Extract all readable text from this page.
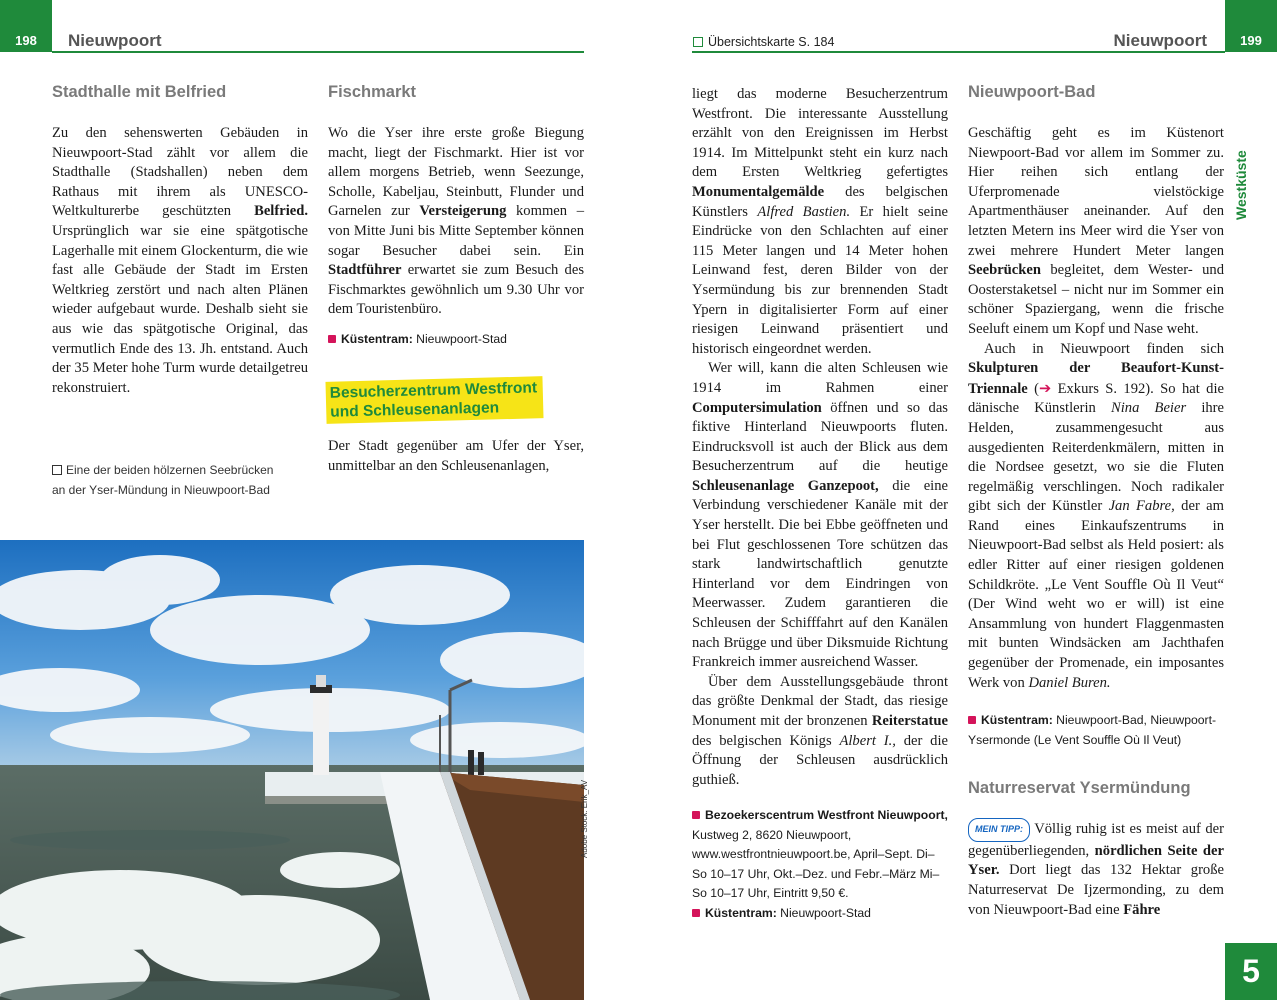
198	Nieuwpoort	Übersichtskarte S. 184	Nieuwpoort	199
Westküste
5
Stadthalle mit Belfried

Zu den sehenswerten Gebäuden in Nieuwpoort-Stad zählt vor allem die Stadthalle (Stadshallen) neben dem Rathaus mit ihrem als UNESCO-Weltkulturerbe geschützten Belfried. Ursprünglich war sie eine spätgotische Lagerhalle mit einem Glockenturm, die wie fast alle Gebäude der Stadt im Ersten Weltkrieg zerstört und nach alten Plänen wieder aufgebaut wurde. Deshalb sieht sie aus wie das spätgotische Original, das vermutlich Ende des 13. Jh. entstand. Auch der 35 Meter hohe Turm wurde detailgetreu rekonstruiert.

Eine der beiden hölzernen Seebrücken
an der Yser-Mündung in Nieuwpoort-Bad
Fischmarkt

Wo die Yser ihre erste große Biegung macht, liegt der Fischmarkt. Hier ist vor allem morgens Betrieb, wenn Seezunge, Scholle, Kabeljau, Steinbutt, Flunder und Garnelen zur Versteigerung kommen – von Mitte Juni bis Mitte September können sogar Besucher dabei sein. Ein Stadtführer erwartet sie zum Besuch des Fischmarktes gewöhnlich um 9.30 Uhr vor dem Touristenbüro.

Küstentram: Nieuwpoort-Stad
Besucherzentrum Westfront
und Schleusenanlagen

Der Stadt gegenüber am Ufer der Yser, unmittelbar an den Schleusenanlagen,

Adobe Stock: Erik_AV

liegt das moderne Besucherzentrum Westfront. Die interessante Ausstellung erzählt von den Ereignissen im Herbst 1914. Im Mittelpunkt steht ein kurz nach dem Ersten Weltkrieg gefertigtes Monumentalgemälde des belgischen Künstlers Alfred Bastien. Er hielt seine Eindrücke von den Schlachten auf einer 115 Meter langen und 14 Meter hohen Leinwand fest, deren Bilder von der Ysermündung bis zur brennenden Stadt Ypern in digitalisierter Form auf einer riesigen Leinwand präsentiert und historisch eingeordnet werden.

Wer will, kann die alten Schleusen wie 1914 im Rahmen einer Computersimulation öffnen und so das fiktive Hinterland Nieuwpoorts fluten. Eindrucksvoll ist auch der Blick aus dem Besucherzentrum auf die heutige Schleusenanlage Ganzepoot, die eine Verbindung verschiedener Kanäle mit der Yser herstellt. Die bei Ebbe geöffneten und bei Flut geschlossenen Tore schützen das stark landwirtschaftlich genutzte Hinterland vor dem Eindringen von Meerwasser. Zudem garantieren die Schleusen der Schifffahrt auf den Kanälen nach Brügge und über Diksmuide Richtung Frankreich immer ausreichend Wasser.

Über dem Ausstellungsgebäude thront das größte Denkmal der Stadt, das riesige Monument mit der bronzenen Reiterstatue des belgischen Königs Albert I., der die Öffnung der Schleusen ausdrücklich guthieß.

Bezoekerscentrum Westfront Nieuwpoort, Kustweg 2, 8620 Nieuwpoort, www.westfrontnieuwpoort.be, April–Sept. Di–So 10–17 Uhr, Okt.–Dez. und Febr.–März Mi–So 10–17 Uhr, Eintritt 9,50 €.
Küstentram: Nieuwpoort-Stad
Nieuwpoort-Bad

Geschäftig geht es im Küstenort Niewpoort-Bad vor allem im Sommer zu. Hier reihen sich entlang der Uferpromenade vielstöckige Apartmenthäuser aneinander. Auf den letzten Metern ins Meer wird die Yser von zwei mehrere Hundert Meter langen Seebrücken begleitet, dem Wester- und Oosterstaketsel – nicht nur im Sommer ein schöner Spaziergang, wenn die frische Seeluft einem um Kopf und Nase weht.

Auch in Nieuwpoort finden sich Skulpturen der Beaufort-Kunst-Triennale (➔ Exkurs S. 192). So hat die dänische Künstlerin Nina Beier ihre Helden, zusammengesucht aus ausgedienten Reiterdenkmälern, mitten in die Nordsee gesetzt, wo sie die Fluten regelmäßig verschlingen. Noch radikaler gibt sich der Künstler Jan Fabre, der am Rand eines Einkaufszentrums in Nieuwpoort-Bad selbst als Held posiert: als edler Ritter auf einer riesigen goldenen Schildkröte. „Le Vent Souffle Où Il Veut“ (Der Wind weht wo er will) ist eine Ansammlung von hundert Flaggenmasten mit bunten Windsäcken am Jachthafen gegenüber der Promenade, ein imposantes Werk von Daniel Buren.

Küstentram: Nieuwpoort-Bad, Nieuwpoort-Ysermonde (Le Vent Souffle Où Il Veut)
Naturreservat Ysermündung

MEIN TIPP: Völlig ruhig ist es meist auf der gegenüberliegenden, nördlichen Seite der Yser. Dort liegt das 132 Hektar große Naturreservat De Ijzermonding, zu dem von Nieuwpoort-Bad eine Fähre
